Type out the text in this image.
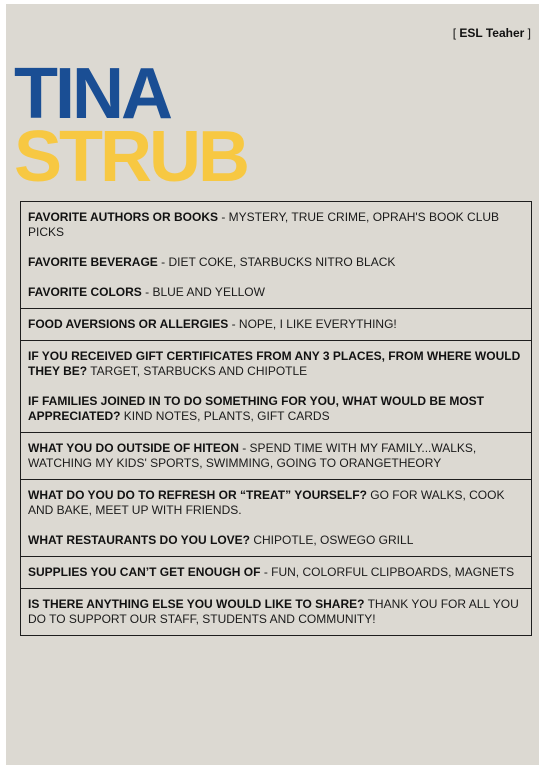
[ ESL Teaher ]
TINA
STRUB
FAVORITE AUTHORS OR BOOKS - MYSTERY, TRUE CRIME, OPRAH'S BOOK CLUB PICKS
FAVORITE BEVERAGE - DIET COKE, STARBUCKS NITRO BLACK
FAVORITE COLORS - BLUE AND YELLOW
FOOD AVERSIONS OR ALLERGIES - NOPE, I LIKE EVERYTHING!
IF YOU RECEIVED GIFT CERTIFICATES FROM ANY 3 PLACES, FROM WHERE WOULD THEY BE? TARGET, STARBUCKS AND CHIPOTLE
IF FAMILIES JOINED IN TO DO SOMETHING FOR YOU, WHAT WOULD BE MOST APPRECIATED? KIND NOTES, PLANTS, GIFT CARDS
WHAT YOU DO OUTSIDE OF HITEON - SPEND TIME WITH MY FAMILY...WALKS, WATCHING MY KIDS' SPORTS, SWIMMING, GOING TO ORANGETHEORY
WHAT DO YOU DO TO REFRESH OR “TREAT” YOURSELF? GO FOR WALKS, COOK AND BAKE, MEET UP WITH FRIENDS.
WHAT RESTAURANTS DO YOU LOVE? CHIPOTLE, OSWEGO GRILL
SUPPLIES YOU CAN’T GET ENOUGH OF - FUN, COLORFUL CLIPBOARDS, MAGNETS
IS THERE ANYTHING ELSE YOU WOULD LIKE TO SHARE? THANK YOU FOR ALL YOU DO TO SUPPORT OUR STAFF, STUDENTS AND COMMUNITY!
